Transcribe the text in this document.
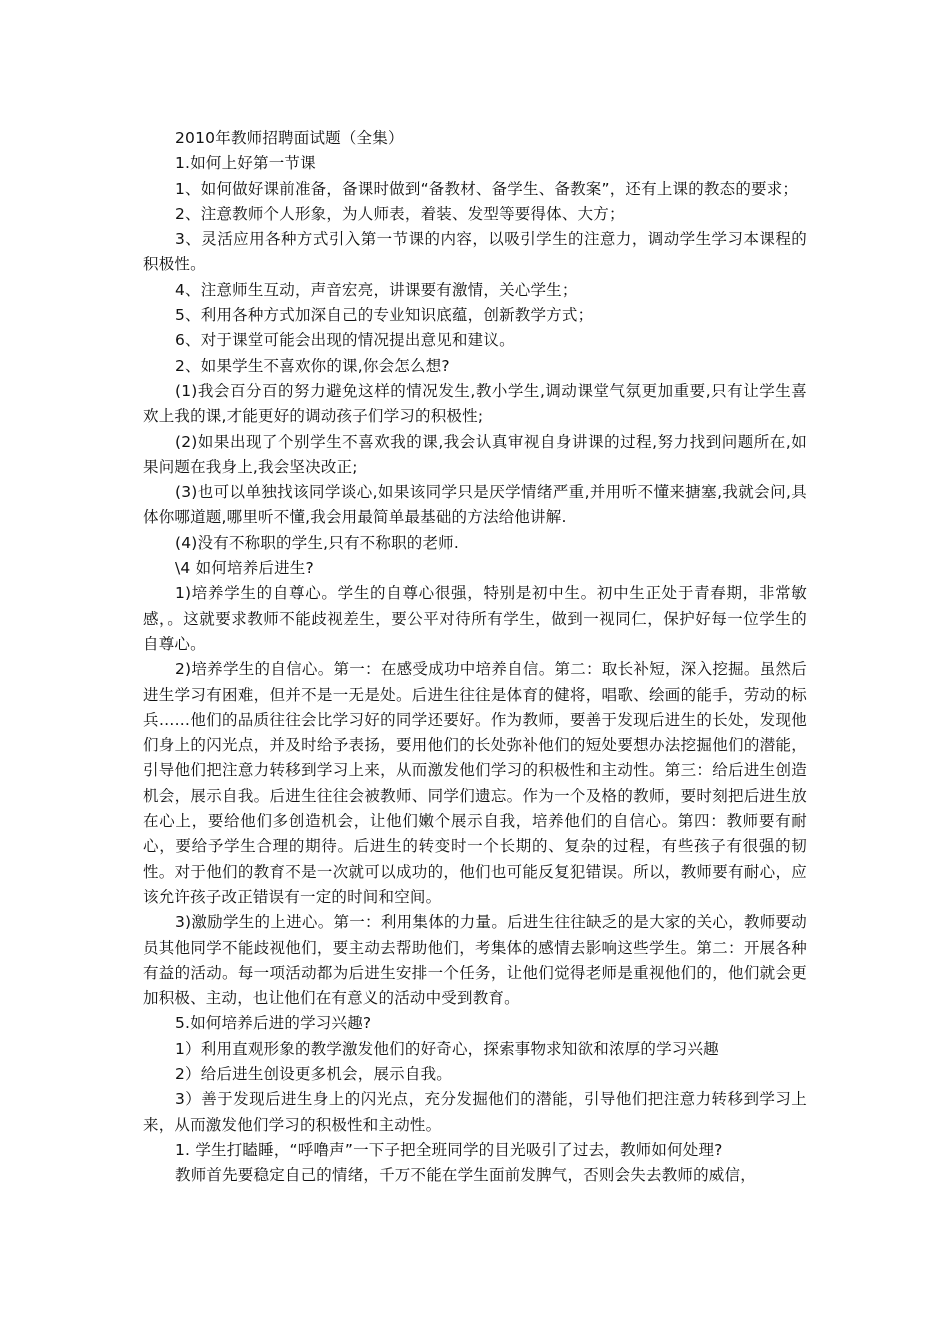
2010年教师招聘面试题（全集）

1.如何上好第一节课

1、如何做好课前准备，备课时做到“备教材、备学生、备教案”，还有上课的教态的要求；

2、注意教师个人形象，为人师表，着装、发型等要得体、大方；

3、灵活应用各种方式引入第一节课的内容，以吸引学生的注意力，调动学生学习本课程的积极性。

4、注意师生互动，声音宏亮，讲课要有激情，关心学生；

5、利用各种方式加深自己的专业知识底蕴，创新教学方式；

6、对于课堂可能会出现的情况提出意见和建议。

2、如果学生不喜欢你的课,你会怎么想?

(1)我会百分百的努力避免这样的情况发生,教小学生,调动课堂气氛更加重要,只有让学生喜欢上我的课,才能更好的调动孩子们学习的积极性;

(2)如果出现了个别学生不喜欢我的课,我会认真审视自身讲课的过程,努力找到问题所在,如果问题在我身上,我会坚决改正;

(3)也可以单独找该同学谈心,如果该同学只是厌学情绪严重,并用听不懂来搪塞,我就会问,具体你哪道题,哪里听不懂,我会用最简单最基础的方法给他讲解.

(4)没有不称职的学生,只有不称职的老师.

\4 如何培养后进生?

1)培养学生的自尊心。学生的自尊心很强，特别是初中生。初中生正处于青春期，非常敏感，。这就要求教师不能歧视差生，要公平对待所有学生，做到一视同仁，保护好每一位学生的自尊心。

2)培养学生的自信心。第一：在感受成功中培养自信。第二：取长补短，深入挖掘。虽然后进生学习有困难，但并不是一无是处。后进生往往是体育的健将，唱歌、绘画的能手，劳动的标兵……他们的品质往往会比学习好的同学还要好。作为教师，要善于发现后进生的长处，发现他们身上的闪光点，并及时给予表扬，要用他们的长处弥补他们的短处要想办法挖掘他们的潜能，引导他们把注意力转移到学习上来，从而激发他们学习的积极性和主动性。第三：给后进生创造机会，展示自我。后进生往往会被教师、同学们遗忘。作为一个及格的教师，要时刻把后进生放在心上，要给他们多创造机会，让他们嫩个展示自我，培养他们的自信心。第四：教师要有耐心，要给予学生合理的期待。后进生的转变时一个长期的、复杂的过程，有些孩子有很强的韧性。对于他们的教育不是一次就可以成功的，他们也可能反复犯错误。所以，教师要有耐心，应该允许孩子改正错误有一定的时间和空间。

3)激励学生的上进心。第一：利用集体的力量。后进生往往缺乏的是大家的关心，教师要动员其他同学不能歧视他们，要主动去帮助他们，考集体的感情去影响这些学生。第二：开展各种有益的活动。每一项活动都为后进生安排一个任务，让他们觉得老师是重视他们的，他们就会更加积极、主动，也让他们在有意义的活动中受到教育。

5.如何培养后进的学习兴趣?

1）利用直观形象的教学激发他们的好奇心，探索事物求知欲和浓厚的学习兴趣

2）给后进生创设更多机会，展示自我。

3）善于发现后进生身上的闪光点，充分发掘他们的潜能，引导他们把注意力转移到学习上来，从而激发他们学习的积极性和主动性。

1. 学生打瞌睡，“呼噜声”一下子把全班同学的目光吸引了过去，教师如何处理?

教师首先要稳定自己的情绪，千万不能在学生面前发脾气，否则会失去教师的威信，
